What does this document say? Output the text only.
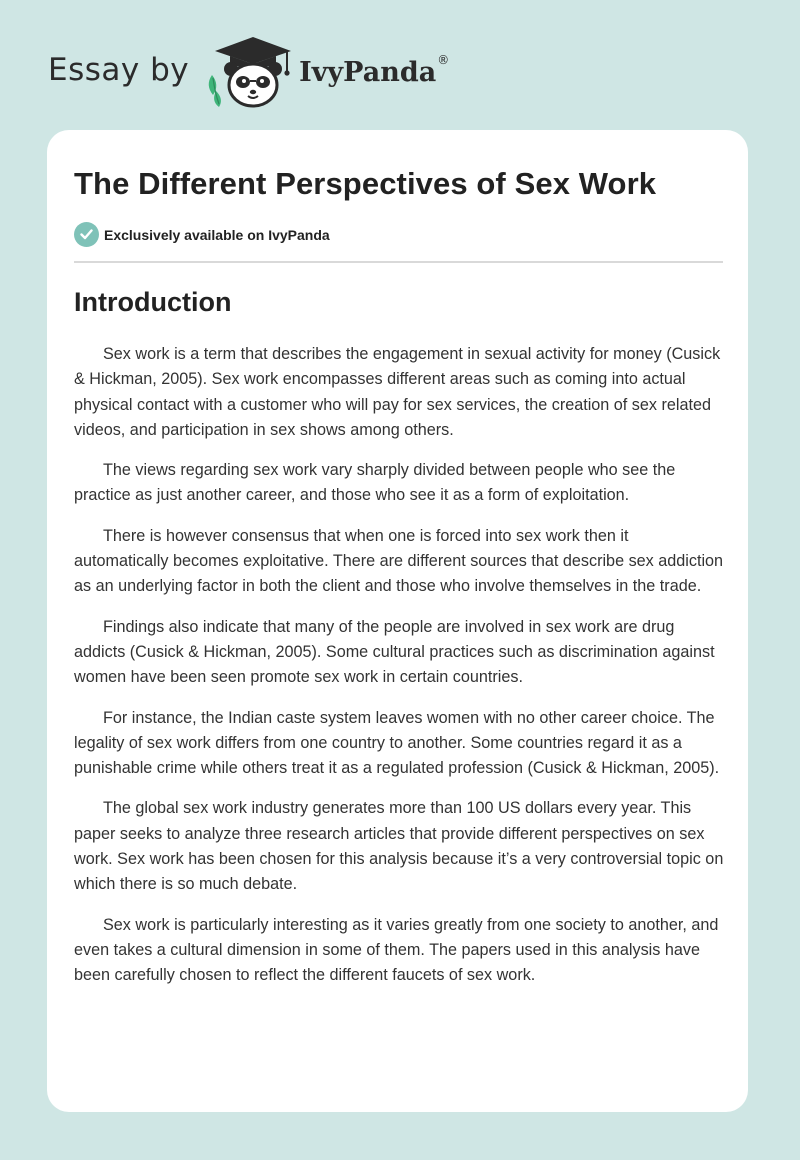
Essay by	IvyPanda ®
The Different Perspectives of Sex Work
Exclusively available on IvyPanda
Introduction

Sex work is a term that describes the engagement in sexual activity for money (Cusick & Hickman, 2005). Sex work encompasses different areas such as coming into actual physical contact with a customer who will pay for sex services, the creation of sex related videos, and participation in sex shows among others.

The views regarding sex work vary sharply divided between people who see the practice as just another career, and those who see it as a form of exploitation.

There is however consensus that when one is forced into sex work then it automatically becomes exploitative. There are different sources that describe sex addiction as an underlying factor in both the client and those who involve themselves in the trade.

Findings also indicate that many of the people are involved in sex work are drug addicts (Cusick & Hickman, 2005). Some cultural practices such as discrimination against women have been seen promote sex work in certain countries.

For instance, the Indian caste system leaves women with no other career choice. The legality of sex work differs from one country to another. Some countries regard it as a punishable crime while others treat it as a regulated profession (Cusick & Hickman, 2005).

The global sex work industry generates more than 100 US dollars every year. This paper seeks to analyze three research articles that provide different perspectives on sex work. Sex work has been chosen for this analysis because it’s a very controversial topic on which there is so much debate.

Sex work is particularly interesting as it varies greatly from one society to another, and even takes a cultural dimension in some of them. The papers used in this analysis have been carefully chosen to reflect the different faucets of sex work.
